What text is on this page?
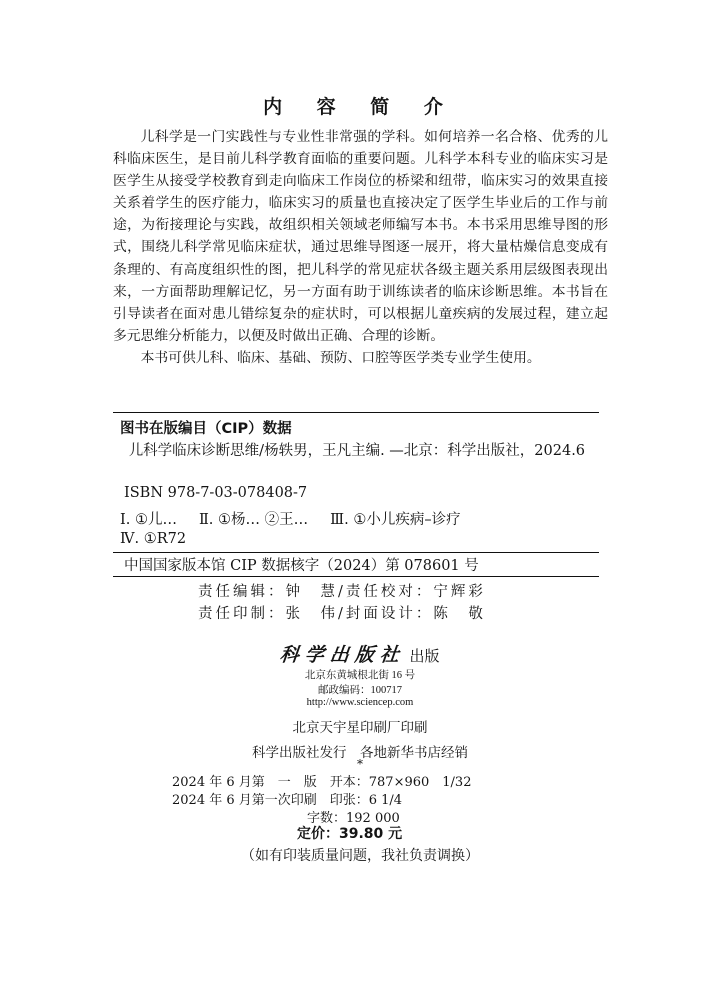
内 容 简 介

儿科学是一门实践性与专业性非常强的学科。如何培养一名合格、优秀的儿科临床医生，是目前儿科学教育面临的重要问题。儿科学本科专业的临床实习是医学生从接受学校教育到走向临床工作岗位的桥梁和纽带，临床实习的效果直接关系着学生的医疗能力，临床实习的质量也直接决定了医学生毕业后的工作与前途，为衔接理论与实践，故组织相关领域老师编写本书。本书采用思维导图的形式，围绕儿科学常见临床症状，通过思维导图逐一展开，将大量枯燥信息变成有条理的、有高度组织性的图，把儿科学的常见症状各级主题关系用层级图表现出来，一方面帮助理解记忆，另一方面有助于训练读者的临床诊断思维。本书旨在引导读者在面对患儿错综复杂的症状时，可以根据儿童疾病的发展过程，建立起多元思维分析能力，以便及时做出正确、合理的诊断。

本书可供儿科、临床、基础、预防、口腔等医学类专业学生使用。

图书在版编目（CIP）数据
儿科学临床诊断思维/杨轶男，王凡主编. —北京：科学出版社，2024.6
ISBN 978-7-03-078408-7
Ⅰ. ①儿… Ⅱ. ①杨… ②王… Ⅲ. ①小儿疾病–诊疗
Ⅳ. ①R72
中国国家版本馆 CIP 数据核字（2024）第 078601 号
责任编辑：钟　慧/责任校对：宁辉彩
责任印制：张　伟/封面设计：陈　敬
科学出版社 出版
北京东黄城根北街 16 号
邮政编码：100717
http://www.sciencep.com
北京天宇星印刷厂印刷
科学出版社发行　各地新华书店经销
*
2024 年 6 月第　一　版　开本：787×960　1/32
2024 年 6 月第一次印刷　印张：6 1/4
字数：192 000
定价：39.80 元
（如有印装质量问题，我社负责调换）
